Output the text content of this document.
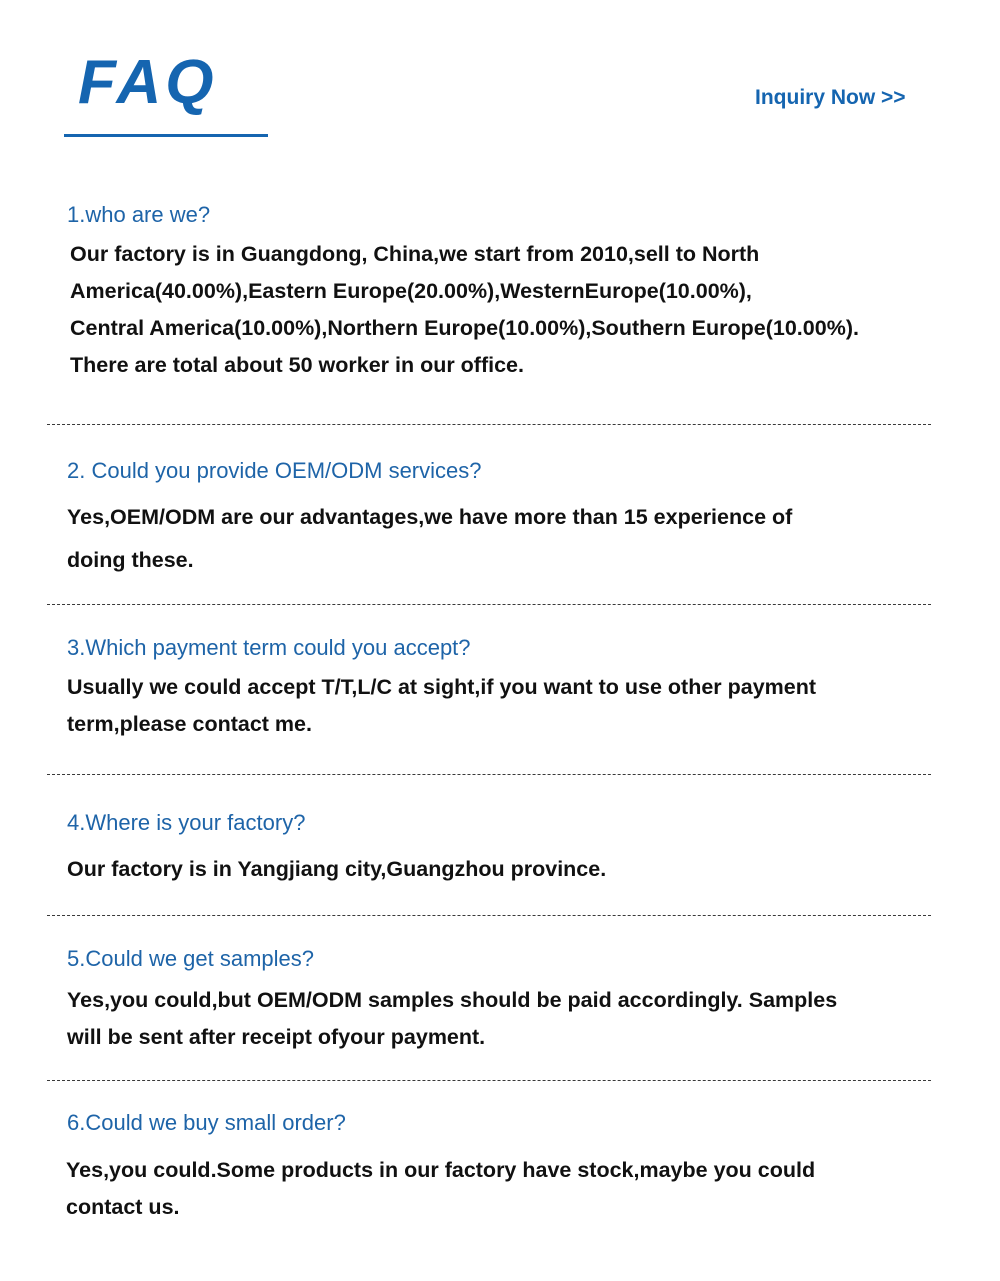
FAQ	Inquiry Now >>
1.who are we?
Our factory is in Guangdong, China,we start from 2010,sell to North
America(40.00%),Eastern Europe(20.00%),WesternEurope(10.00%),
Central America(10.00%),Northern Europe(10.00%),Southern Europe(10.00%).
There are total about 50 worker in our office.
2. Could you provide OEM/ODM services?
Yes,OEM/ODM are our advantages,we have more than 15 experience of
doing these.
3.Which payment term could you accept?
Usually we could accept T/T,L/C at sight,if you want to use other payment
term,please contact me.
4.Where is your factory?
Our factory is in Yangjiang city,Guangzhou province.
5.Could we get samples?
Yes,you could,but OEM/ODM samples should be paid accordingly. Samples
will be sent after receipt ofyour payment.
6.Could we buy small order?
Yes,you could.Some products in our factory have stock,maybe you could
contact us.
